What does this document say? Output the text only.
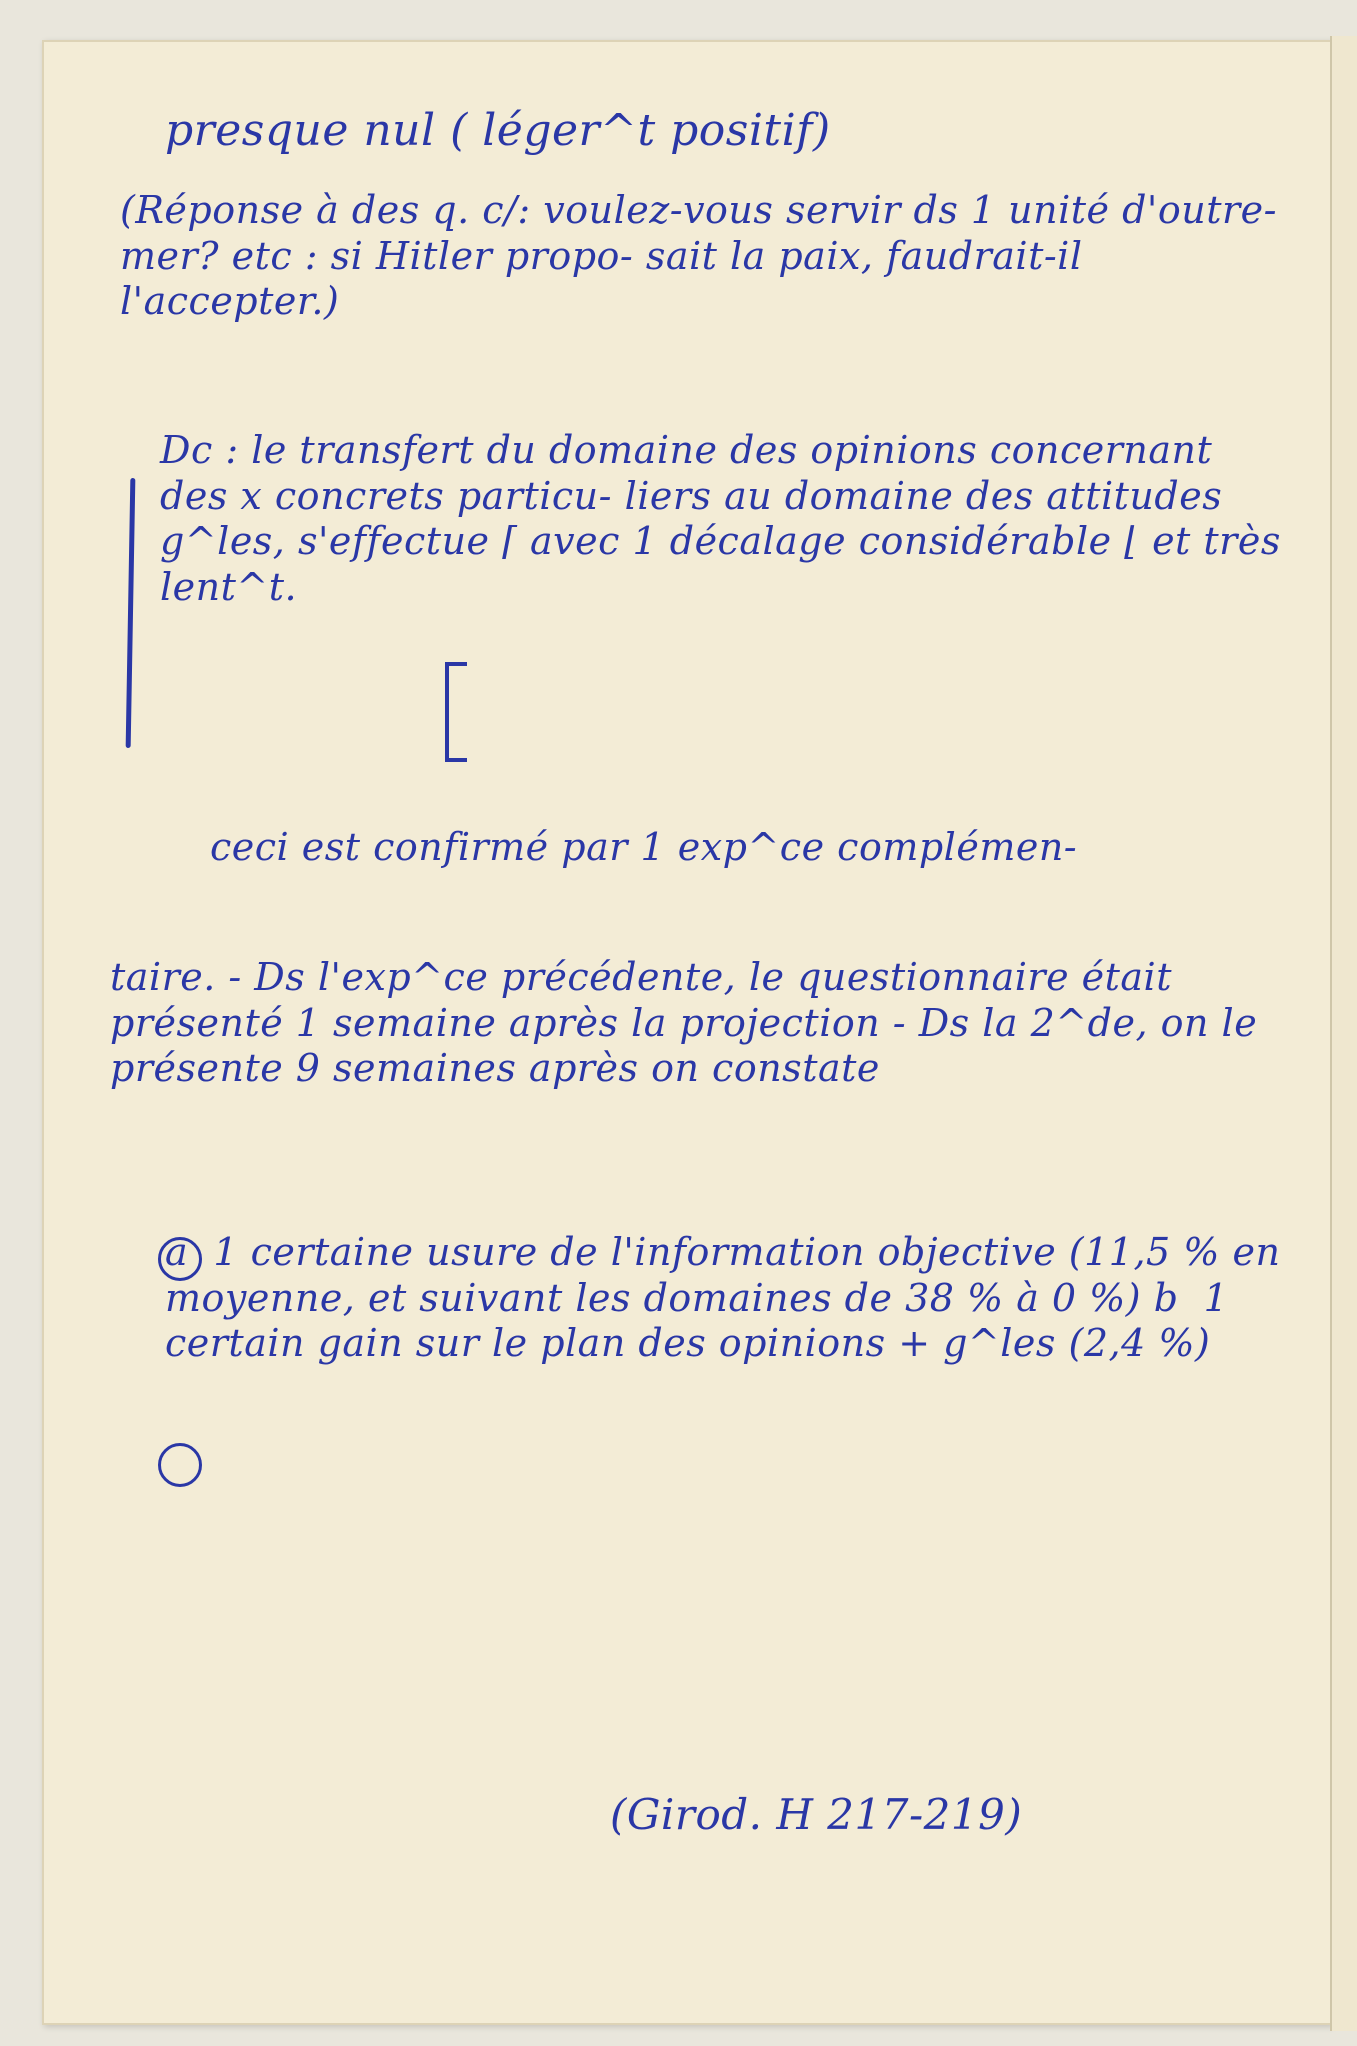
presque nul ( léger^t positif)

(Réponse à des q. c/: voulez-vous servir ds 1 unité d'outre-mer? etc : si Hitler propo- sait la paix, faudrait-il l'accepter.)

Dc : le transfert du domaine des opinions concernant des x concrets particu- liers au domaine des attitudes g^les, s'effectue ⌈ avec 1 décalage considérable ⌊ et très lent^t.

ceci est confirmé par 1 exp^ce complémen-

taire. - Ds l'exp^ce précédente, le questionnaire était présenté 1 semaine après la projection - Ds la 2^de, on le présente 9 semaines après on constate

a  1 certaine usure de l'information objective (11,5 % en moyenne, et suivant les domaines de 38 % à 0 %) b  1 certain gain sur le plan des opinions + g^les (2,4 %)

(Girod. H 217-219)
